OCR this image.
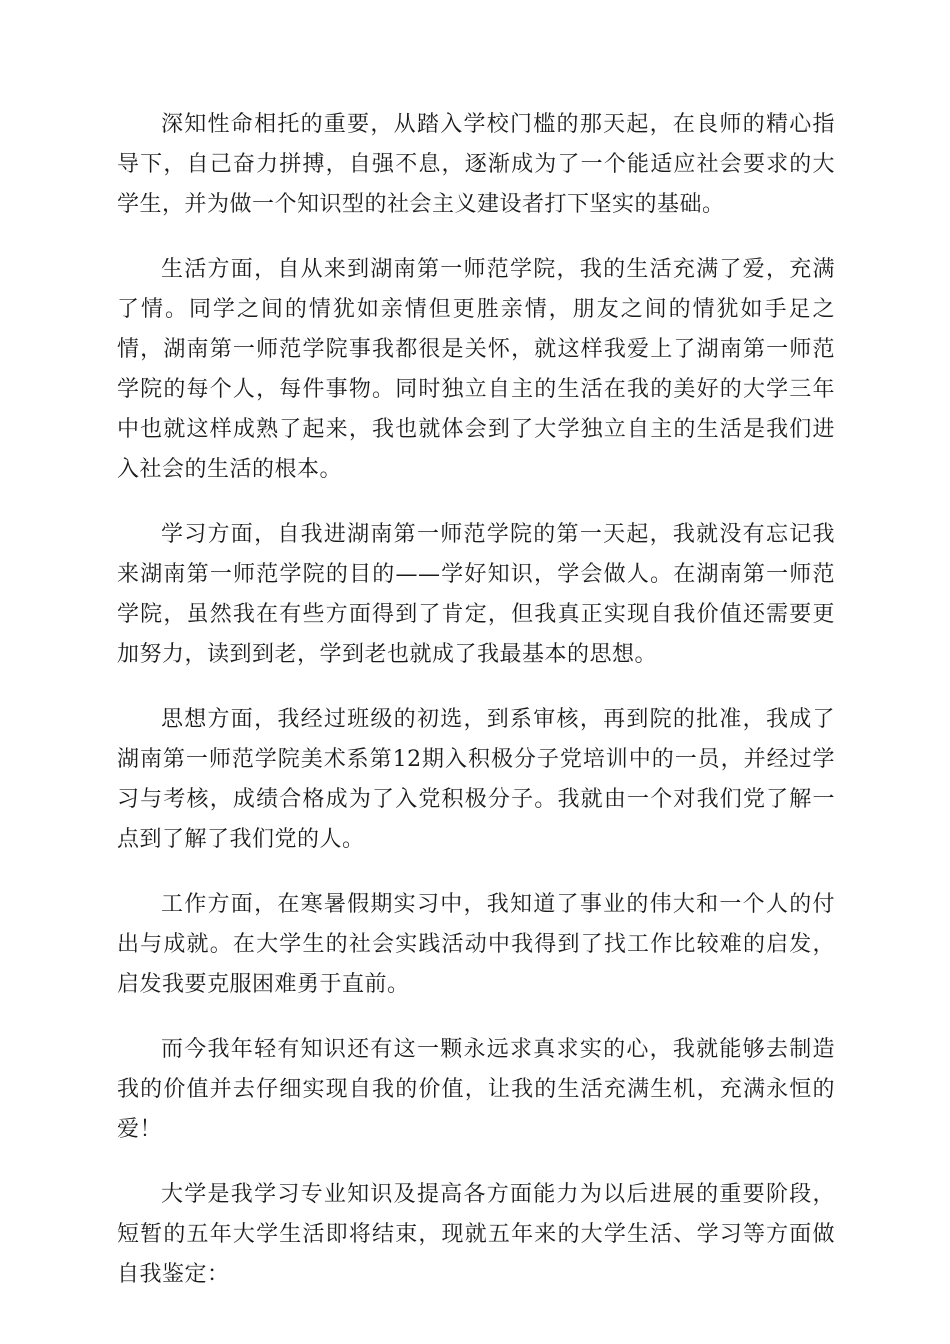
深知性命相托的重要，从踏入学校门槛的那天起，在良师的精心指导下，自己奋力拼搏，自强不息，逐渐成为了一个能适应社会要求的大学生，并为做一个知识型的社会主义建设者打下坚实的基础。

生活方面，自从来到湖南第一师范学院，我的生活充满了爱，充满了情。同学之间的情犹如亲情但更胜亲情，朋友之间的情犹如手足之情，湖南第一师范学院事我都很是关怀，就这样我爱上了湖南第一师范学院的每个人，每件事物。同时独立自主的生活在我的美好的大学三年中也就这样成熟了起来，我也就体会到了大学独立自主的生活是我们进入社会的生活的根本。

学习方面，自我进湖南第一师范学院的第一天起，我就没有忘记我来湖南第一师范学院的目的——学好知识，学会做人。在湖南第一师范学院，虽然我在有些方面得到了肯定，但我真正实现自我价值还需要更加努力，读到到老，学到老也就成了我最基本的思想。

思想方面，我经过班级的初选，到系审核，再到院的批准，我成了湖南第一师范学院美术系第12期入积极分子党培训中的一员，并经过学习与考核，成绩合格成为了入党积极分子。我就由一个对我们党了解一点到了解了我们党的人。

工作方面，在寒暑假期实习中，我知道了事业的伟大和一个人的付出与成就。在大学生的社会实践活动中我得到了找工作比较难的启发，启发我要克服困难勇于直前。

而今我年轻有知识还有这一颗永远求真求实的心，我就能够去制造我的价值并去仔细实现自我的价值，让我的生活充满生机，充满永恒的爱！

大学是我学习专业知识及提高各方面能力为以后进展的重要阶段，短暂的五年大学生活即将结束，现就五年来的大学生活、学习等方面做自我鉴定：
